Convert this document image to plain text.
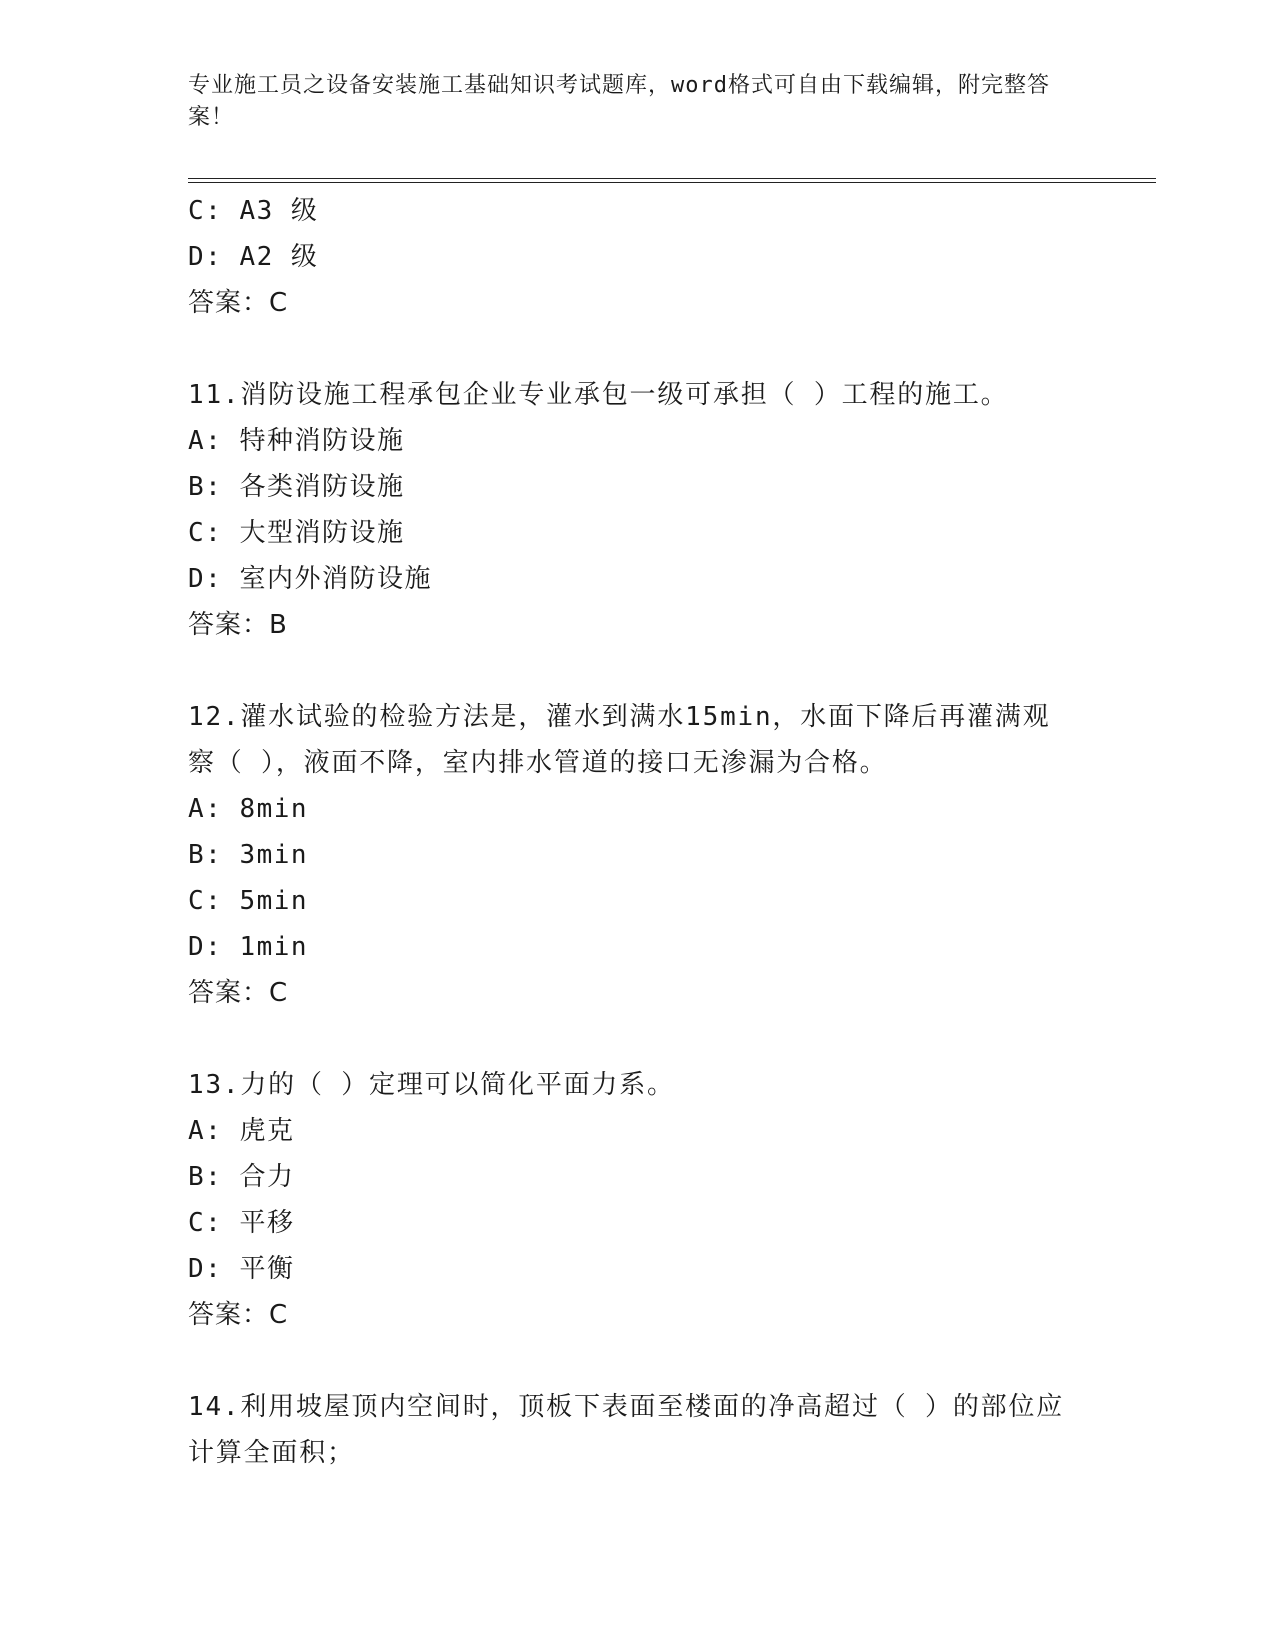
专业施工员之设备安装施工基础知识考试题库，word格式可自由下载编辑，附完整答案！
C: A3 级
D: A2 级
答案：C
11.消防设施工程承包企业专业承包一级可承担（ ）工程的施工。
A: 特种消防设施
B: 各类消防设施
C: 大型消防设施
D: 室内外消防设施
答案：B
12.灌水试验的检验方法是，灌水到满水15min，水面下降后再灌满观察（ ），液面不降，室内排水管道的接口无渗漏为合格。
A: 8min
B: 3min
C: 5min
D: 1min
答案：C
13.力的（ ）定理可以简化平面力系。
A: 虎克
B: 合力
C: 平移
D: 平衡
答案：C
14.利用坡屋顶内空间时，顶板下表面至楼面的净高超过（ ）的部位应计算全面积；
